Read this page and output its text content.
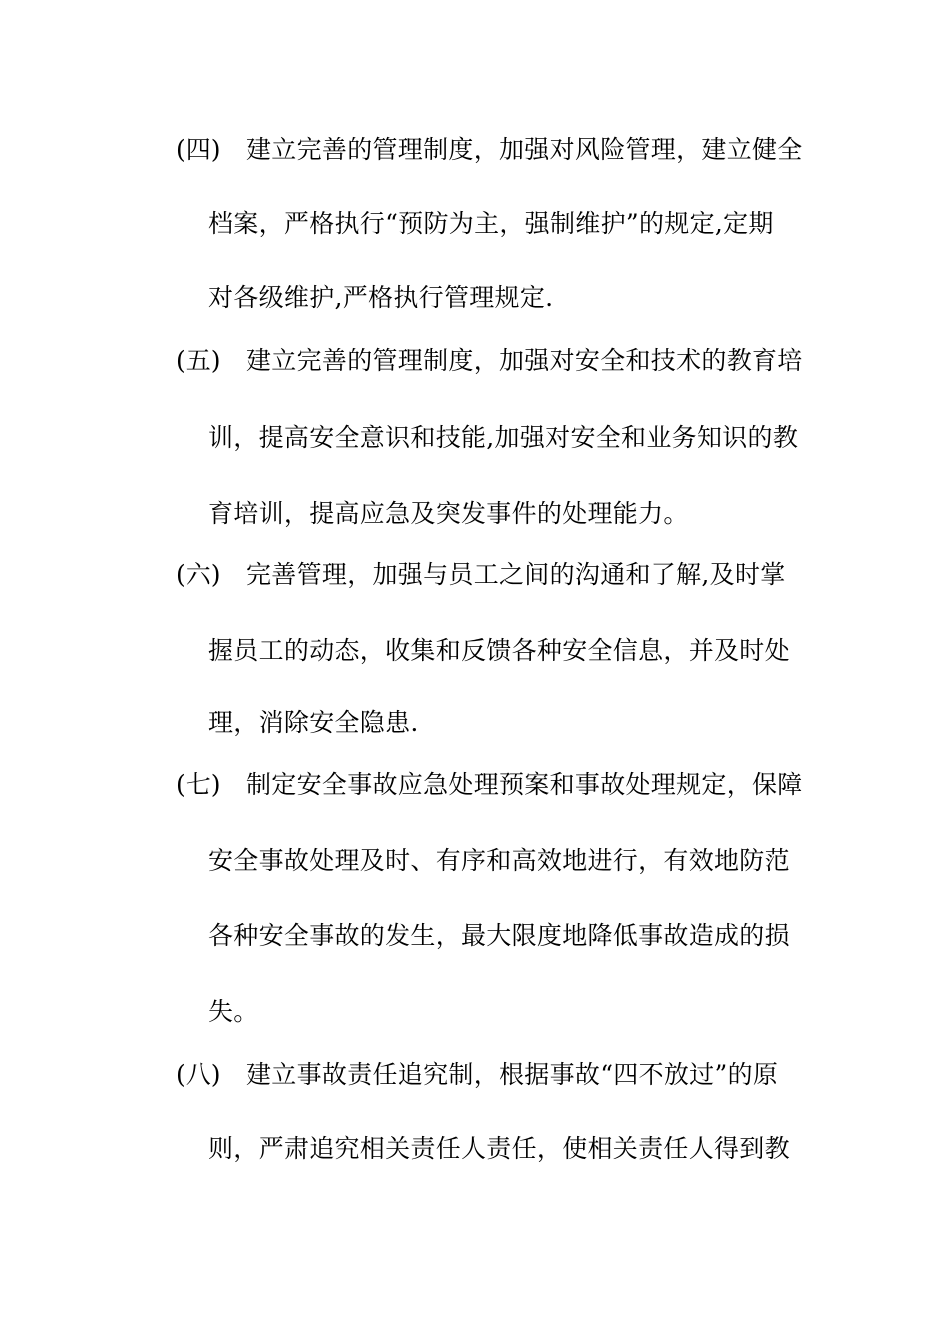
(四) 建立完善的管理制度，加强对风险管理，建立健全
档案，严格执行“预防为主，强制维护”的规定,定期
对各级维护,严格执行管理规定.
(五) 建立完善的管理制度，加强对安全和技术的教育培
训，提高安全意识和技能,加强对安全和业务知识的教
育培训，提高应急及突发事件的处理能力。
(六) 完善管理，加强与员工之间的沟通和了解,及时掌
握员工的动态，收集和反馈各种安全信息，并及时处
理，消除安全隐患.
(七) 制定安全事故应急处理预案和事故处理规定，保障
安全事故处理及时、有序和高效地进行，有效地防范
各种安全事故的发生，最大限度地降低事故造成的损
失。
(八) 建立事故责任追究制，根据事故“四不放过”的原
则，严肃追究相关责任人责任，使相关责任人得到教
